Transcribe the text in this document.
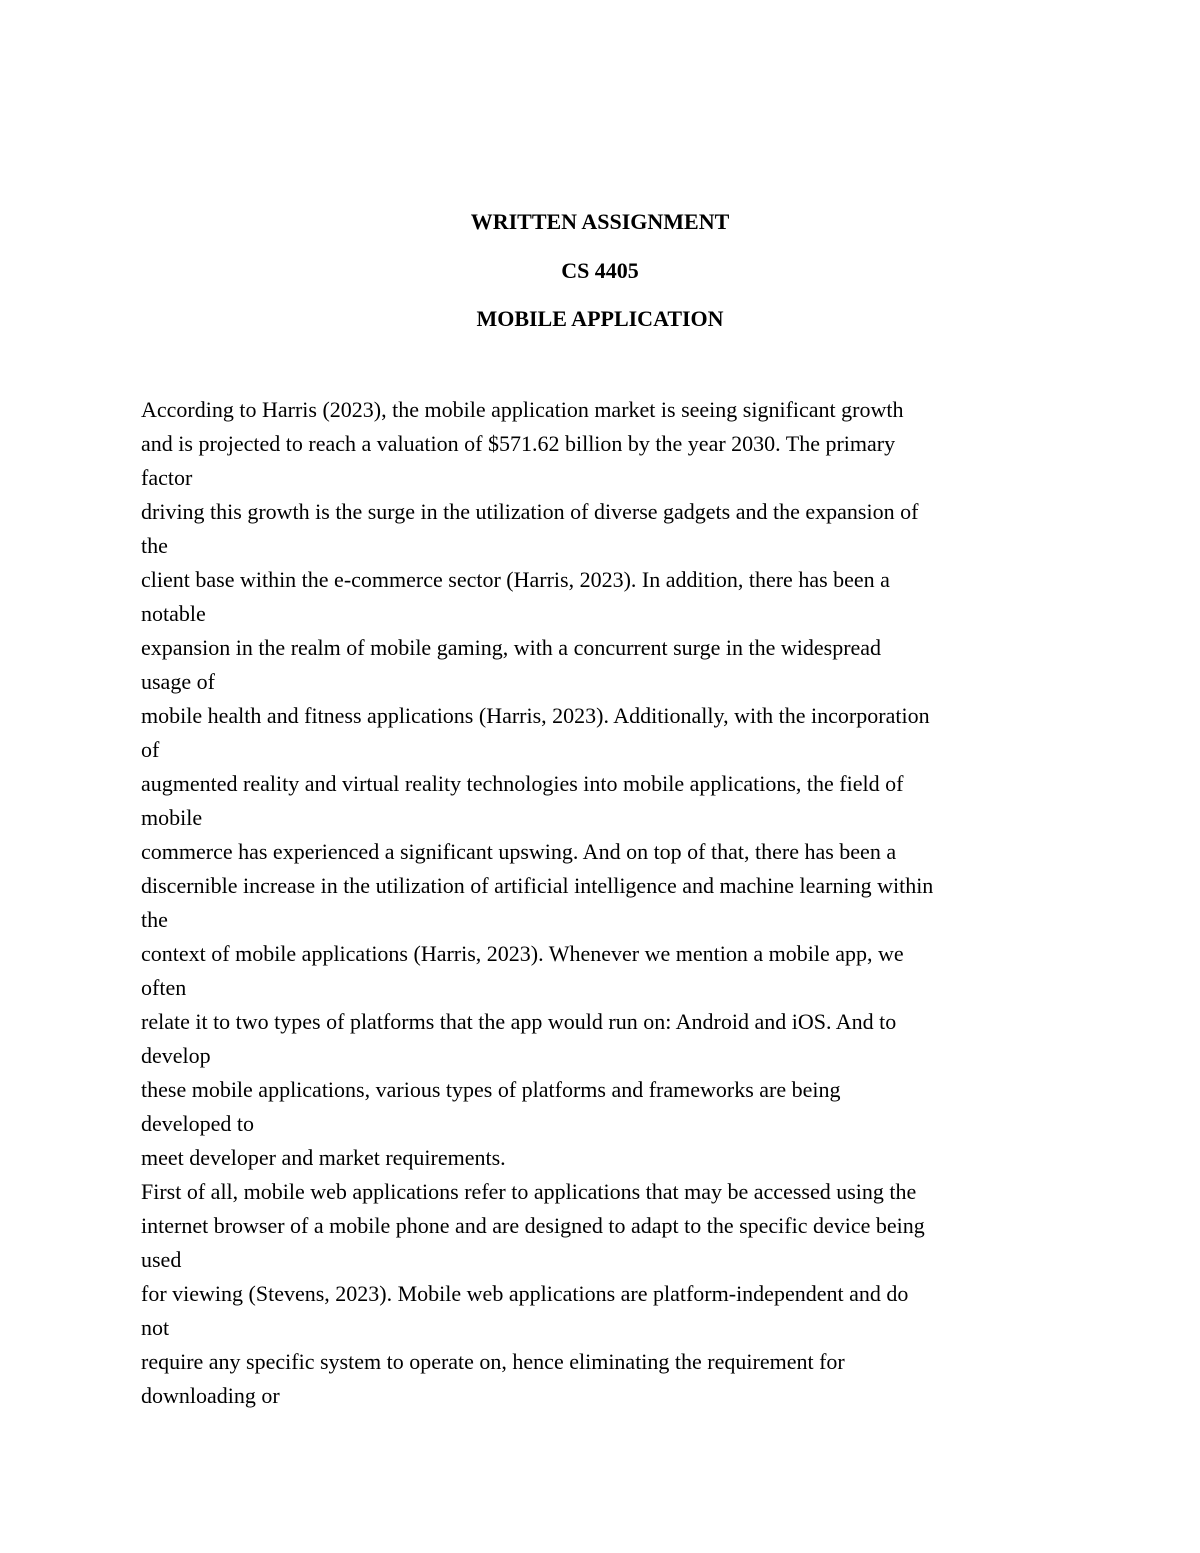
WRITTEN ASSIGNMENT
CS 4405
MOBILE APPLICATION
According to Harris (2023), the mobile application market is seeing significant growth
and is projected to reach a valuation of $571.62 billion by the year 2030. The primary
factor
driving this growth is the surge in the utilization of diverse gadgets and the expansion of
the
client base within the e-commerce sector (Harris, 2023). In addition, there has been a
notable
expansion in the realm of mobile gaming, with a concurrent surge in the widespread
usage of
mobile health and fitness applications (Harris, 2023). Additionally, with the incorporation
of
augmented reality and virtual reality technologies into mobile applications, the field of
mobile
commerce has experienced a significant upswing. And on top of that, there has been a
discernible increase in the utilization of artificial intelligence and machine learning within
the
context of mobile applications (Harris, 2023). Whenever we mention a mobile app, we
often
relate it to two types of platforms that the app would run on: Android and iOS. And to
develop
these mobile applications, various types of platforms and frameworks are being
developed to
meet developer and market requirements.
First of all, mobile web applications refer to applications that may be accessed using the
internet browser of a mobile phone and are designed to adapt to the specific device being
used
for viewing (Stevens, 2023). Mobile web applications are platform-independent and do
not
require any specific system to operate on, hence eliminating the requirement for
downloading or
